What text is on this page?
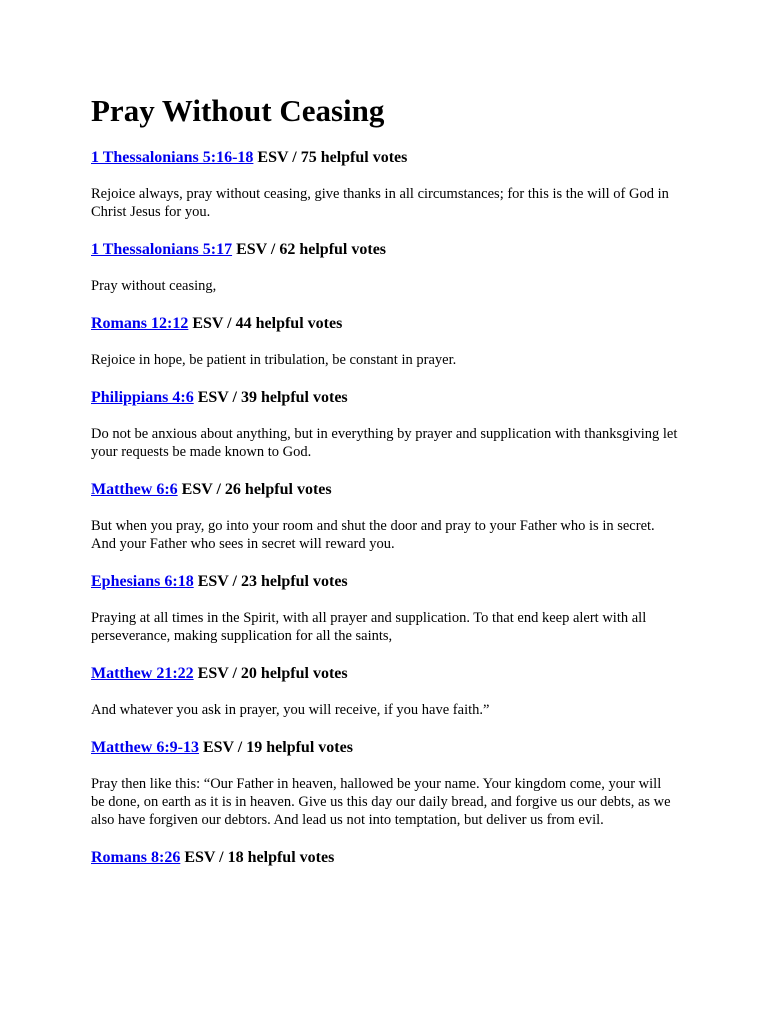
Pray Without Ceasing

1 Thessalonians 5:16-18 ESV / 75 helpful votes

Rejoice always, pray without ceasing, give thanks in all circumstances; for this is the will of God in Christ Jesus for you.

1 Thessalonians 5:17 ESV / 62 helpful votes

Pray without ceasing,

Romans 12:12 ESV / 44 helpful votes

Rejoice in hope, be patient in tribulation, be constant in prayer.

Philippians 4:6 ESV / 39 helpful votes

Do not be anxious about anything, but in everything by prayer and supplication with thanksgiving let your requests be made known to God.

Matthew 6:6 ESV / 26 helpful votes

But when you pray, go into your room and shut the door and pray to your Father who is in secret. And your Father who sees in secret will reward you.

Ephesians 6:18 ESV / 23 helpful votes

Praying at all times in the Spirit, with all prayer and supplication. To that end keep alert with all perseverance, making supplication for all the saints,

Matthew 21:22 ESV / 20 helpful votes

And whatever you ask in prayer, you will receive, if you have faith.”

Matthew 6:9-13 ESV / 19 helpful votes

Pray then like this: “Our Father in heaven, hallowed be your name. Your kingdom come, your will be done, on earth as it is in heaven. Give us this day our daily bread, and forgive us our debts, as we also have forgiven our debtors. And lead us not into temptation, but deliver us from evil.

Romans 8:26 ESV / 18 helpful votes
